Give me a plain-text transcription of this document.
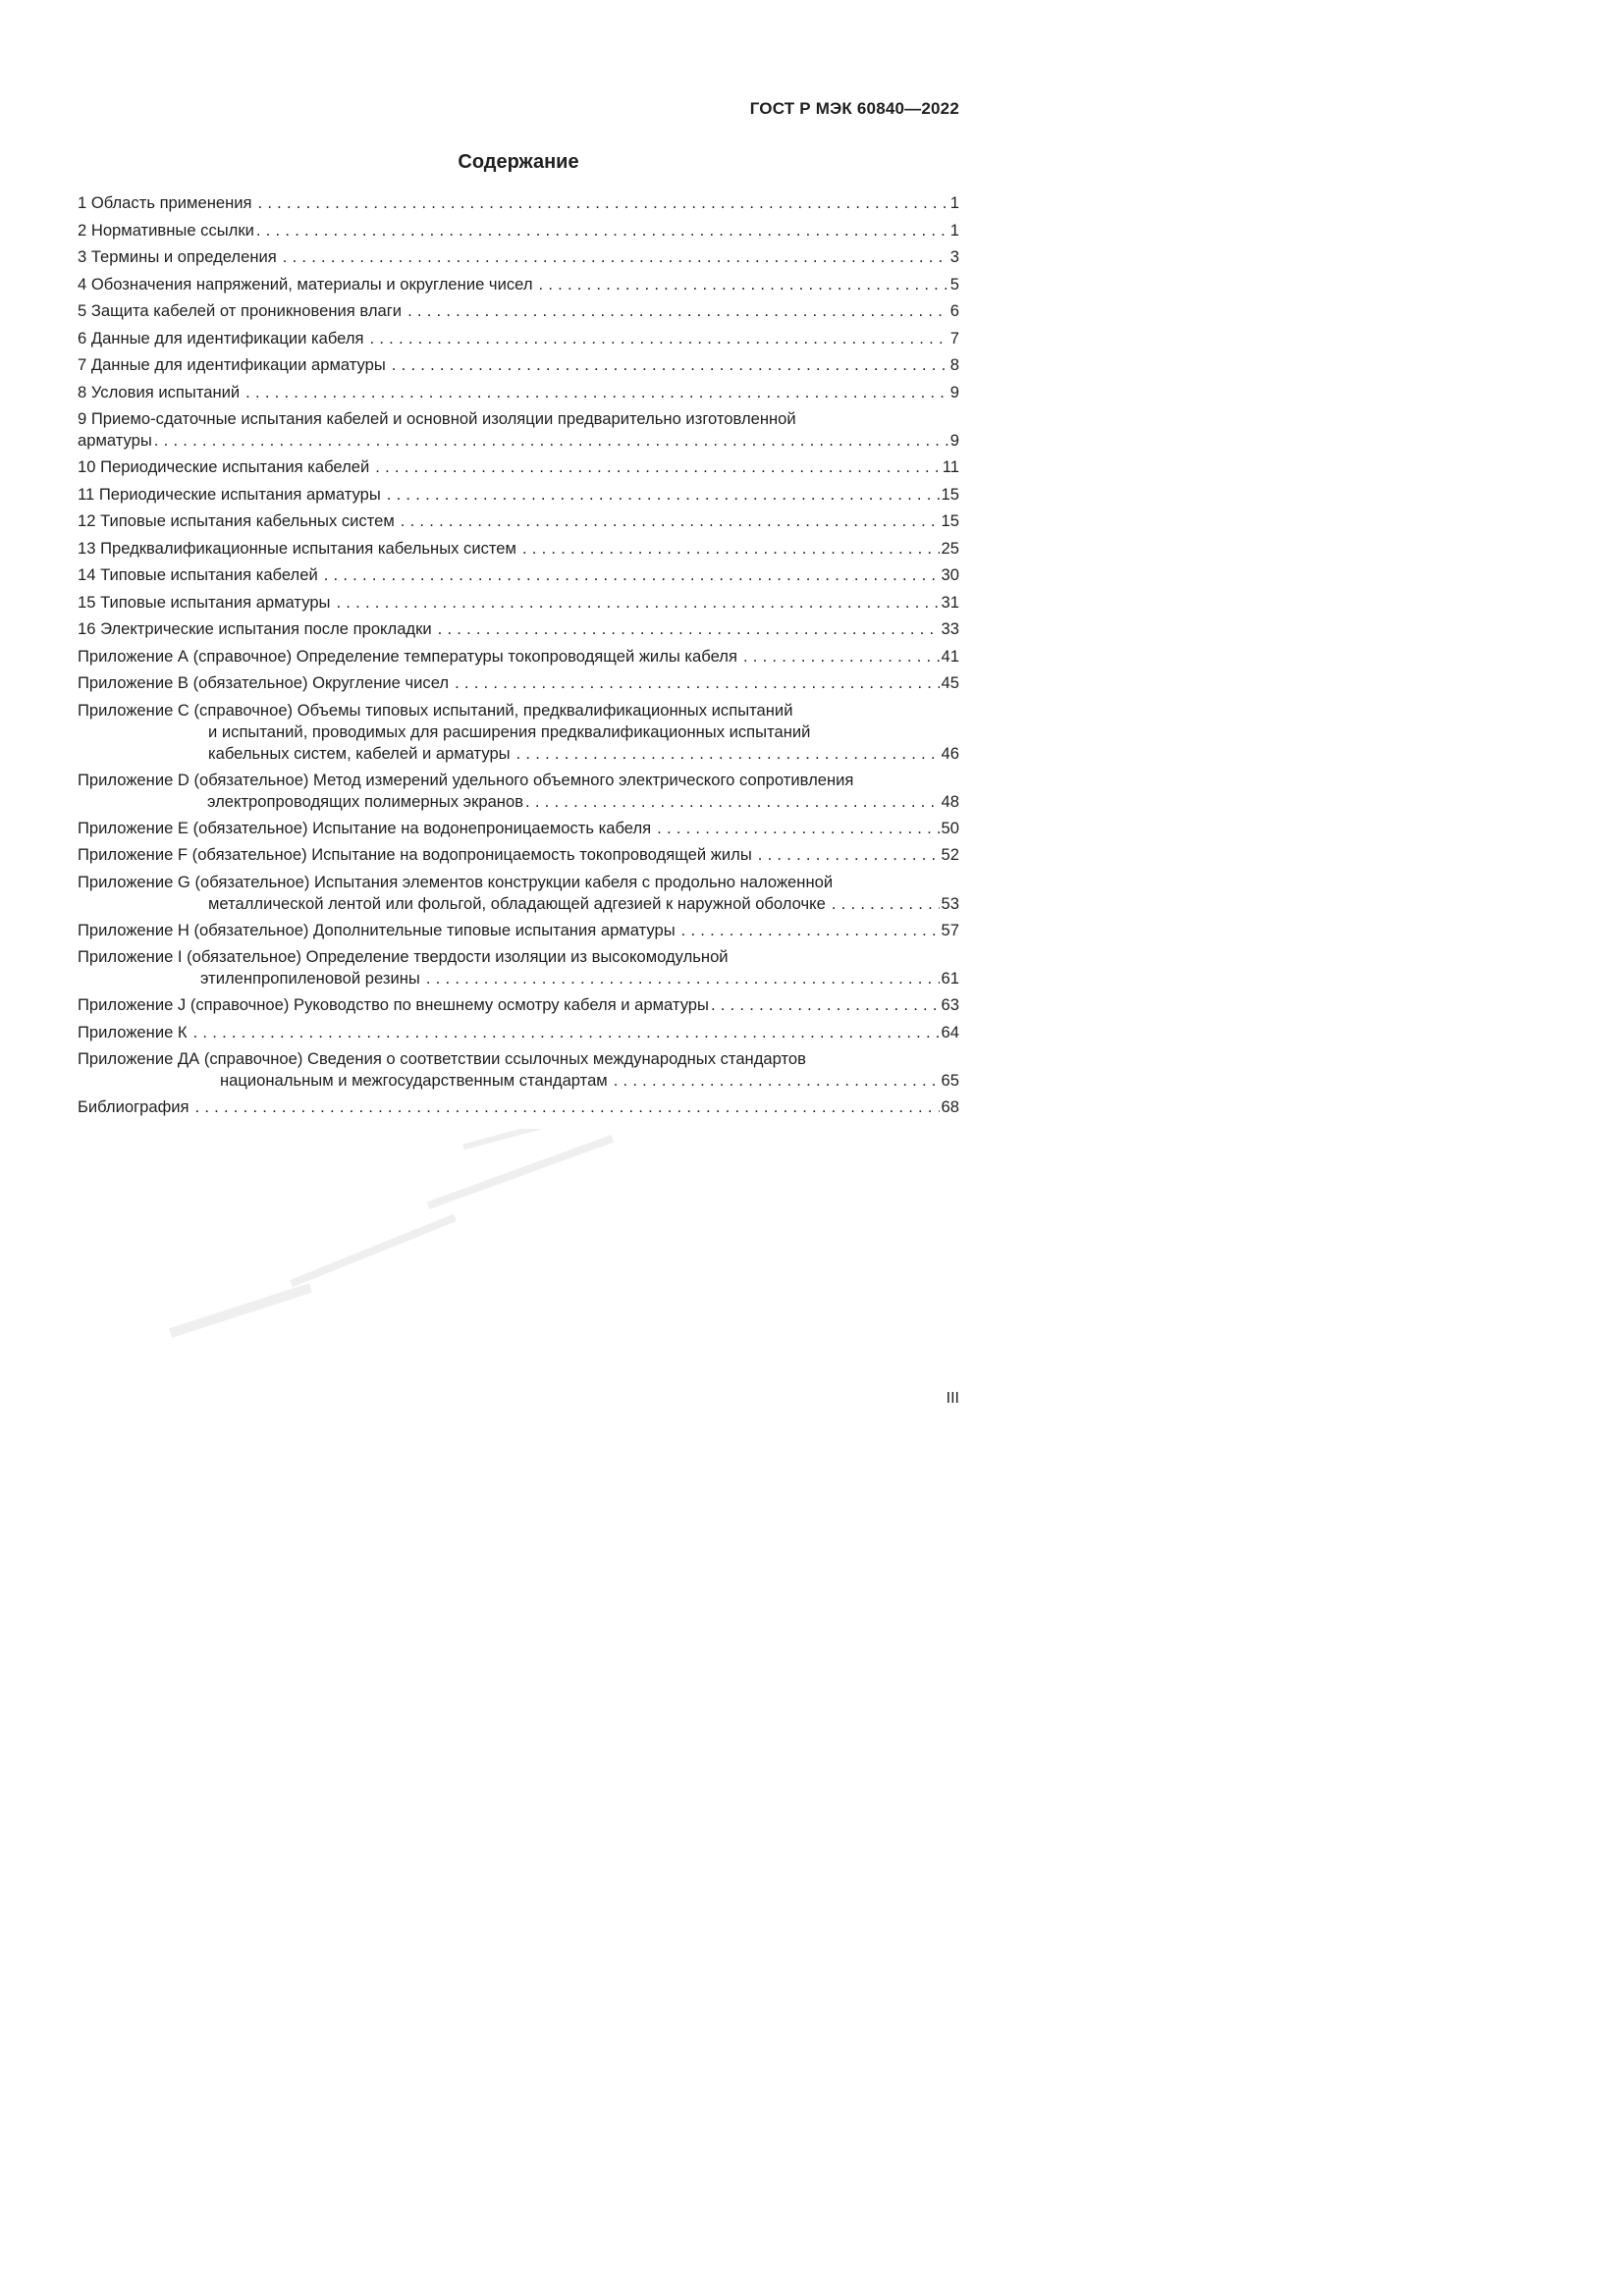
ГОСТ Р МЭК 60840—2022
Содержание
1 Область применения . . .	1
2 Нормативные ссылки . . .	1
3 Термины и определения . . .	3
4 Обозначения напряжений, материалы и округление чисел . . .	5
5 Защита кабелей от проникновения влаги . . .	6
6 Данные для идентификации кабеля . . .	7
7 Данные для идентификации арматуры . . .	8
8 Условия испытаний . . .	9
9 Приемо-сдаточные испытания кабелей и основной изоляции предварительно изготовленной
арматуры . . .	9
10 Периодические испытания кабелей . . .	11
11 Периодические испытания арматуры . . .	15
12 Типовые испытания кабельных систем . . .	15
13 Предквалификационные испытания кабельных систем . . .	25
14 Типовые испытания кабелей . . .	30
15 Типовые испытания арматуры . . .	31
16 Электрические испытания после прокладки . . .	33
Приложение А (справочное) Определение температуры токопроводящей жилы кабеля . . .	41
Приложение В (обязательное) Округление чисел . . .	45
Приложение С (справочное) Объемы типовых испытаний, предквалификационных испытаний
и испытаний, проводимых для расширения предквалификационных испытаний
кабельных систем, кабелей и арматуры . . .	46
Приложение D (обязательное) Метод измерений удельного объемного электрического сопротивления
электропроводящих полимерных экранов . . .	48
Приложение Е (обязательное) Испытание на водонепроницаемость кабеля . . .	50
Приложение F (обязательное) Испытание на водопроницаемость токопроводящей жилы . . .	52
Приложение G (обязательное) Испытания элементов конструкции кабеля с продольно наложенной
металлической лентой или фольгой, обладающей адгезией к наружной оболочке . . .	53
Приложение Н (обязательное) Дополнительные типовые испытания арматуры . . .	57
Приложение I (обязательное) Определение твердости изоляции из высокомодульной
этиленпропиленовой резины . . .	61
Приложение J (справочное) Руководство по внешнему осмотру кабеля и арматуры . . .	63
Приложение К . . .	64
Приложение ДА (справочное) Сведения о соответствии ссылочных международных стандартов
национальным и межгосударственным стандартам . . .	65
Библиография . . .	68
III
